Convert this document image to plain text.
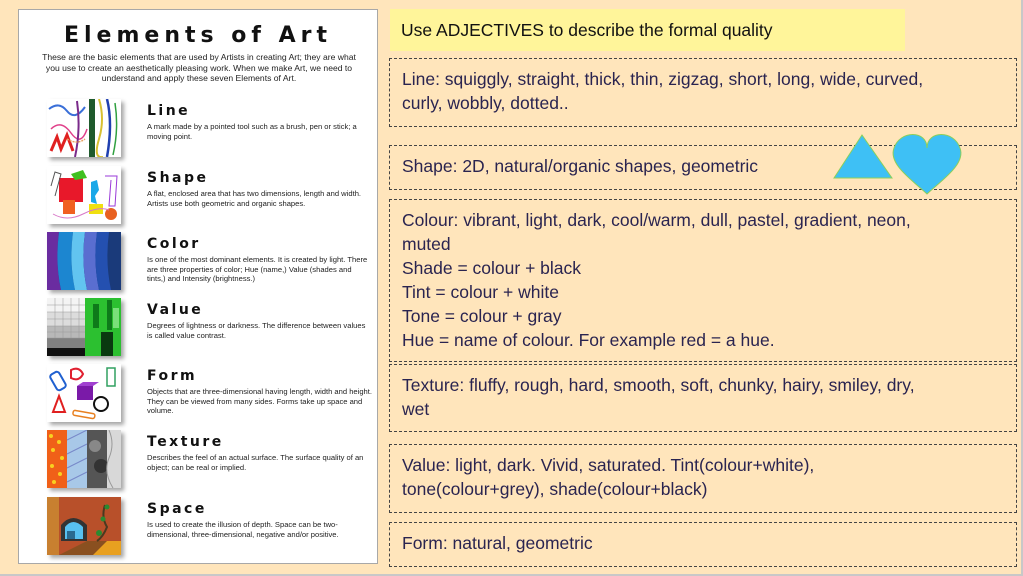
Elements of Art
These are the basic elements that are used by Artists in creating Art; they are what you use to create an aesthetically pleasing work. When we make Art, we need to understand and apply these seven Elements of Art.
Line
A mark made by a pointed tool such as a brush, pen or stick; a moving point.
Shape
A flat, enclosed area that has two dimensions, length and width. Artists use both geometric and organic shapes.
Color
Is one of the most dominant elements. It is created by light. There are three properties of color; Hue (name,) Value (shades and tints,) and Intensity (brightness.)
Value
Degrees of lightness or darkness. The difference between values is called value contrast.
Form
Objects that are three-dimensional having length, width and height. They can be viewed from many sides. Forms take up space and volume.
Texture
Describes the feel of an actual surface. The surface quality of an object; can be real or implied.
Space
Is used to create the illusion of depth. Space can be two-dimensional, three-dimensional, negative and/or positive.
Use ADJECTIVES to describe the formal quality
Line: squiggly, straight, thick, thin, zigzag, short, long, wide, curved,
curly, wobbly, dotted..
Shape: 2D, natural/organic shapes, geometric
Colour: vibrant, light, dark, cool/warm, dull, pastel, gradient, neon,
muted
Shade = colour + black
Tint = colour + white
Tone = colour + gray
Hue = name of colour. For example red = a hue.
Texture: fluffy, rough, hard, smooth, soft, chunky, hairy, smiley, dry,
wet
Value: light, dark. Vivid, saturated. Tint(colour+white),
tone(colour+grey), shade(colour+black)
Form: natural, geometric
